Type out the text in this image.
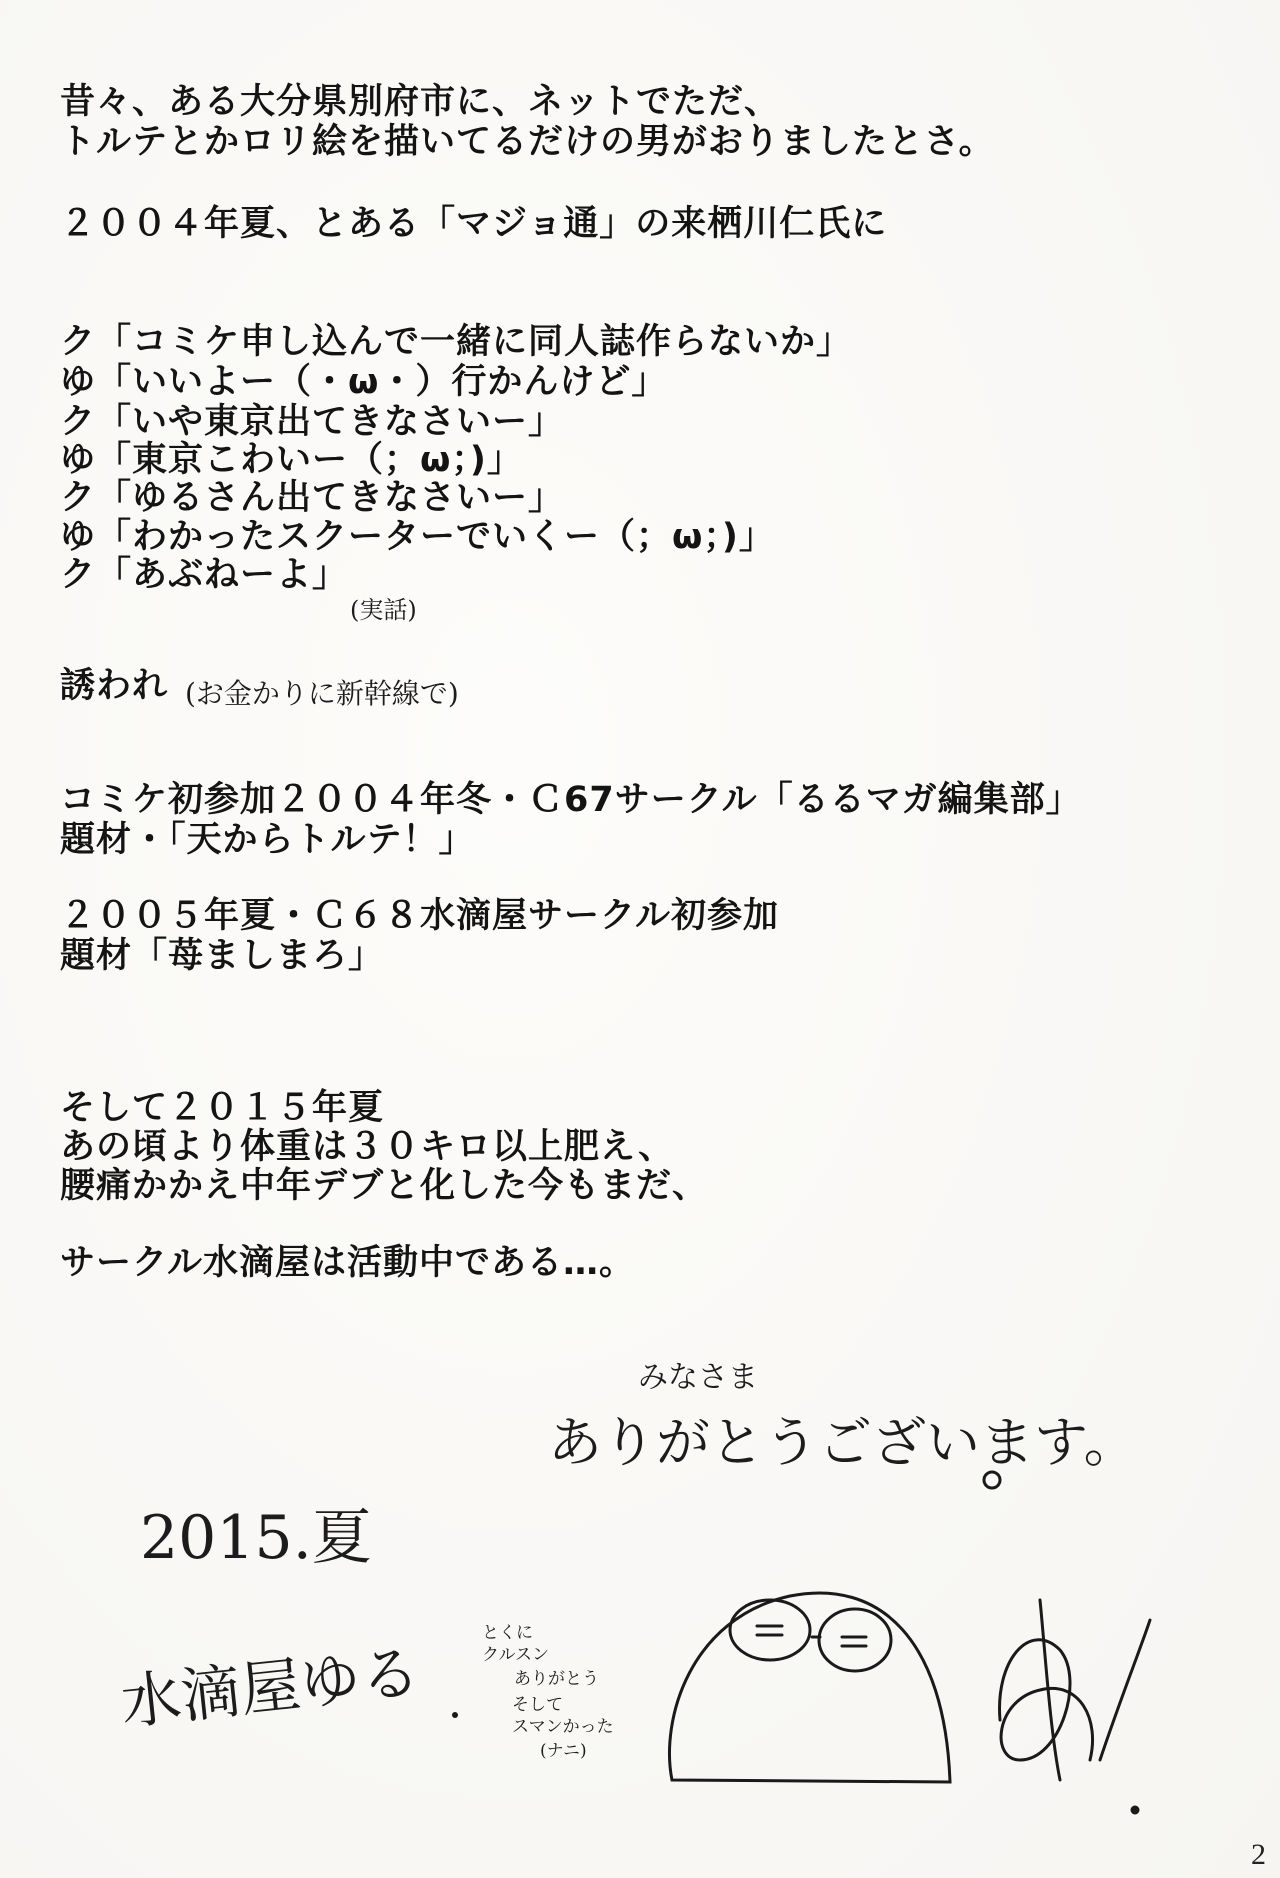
昔々、ある大分県別府市に、ネットでただ、
トルテとかロリ絵を描いてるだけの男がおりましたとさ。
２００４年夏、とある「マジョ通」の来栖川仁氏に
ク「コミケ申し込んで一緒に同人誌作らないか」
ゆ「いいよー（・ω・）行かんけど」
ク「いや東京出てきなさいー」
ゆ「東京こわいー（；ω；)」
ク「ゆるさん出てきなさいー」
ゆ「わかったスクーターでいくー（；ω；)」
ク「あぶねーよ」
(実話)
誘われ (お金かりに新幹線で)
コミケ初参加２００４年冬・Ｃ67サークル「るるマガ編集部」
題材・「天からトルテ！」
２００５年夏・Ｃ６８水滴屋サークル初参加
題材「苺ましまろ」
そして２０１５年夏
あの頃より体重は３０キロ以上肥え、
腰痛かかえ中年デブと化した今もまだ、
サークル水滴屋は活動中である…。
みなさま
ありがとうございます。
2015.夏
水滴屋ゆる
とくに
クルスン
ありがとう
そして
スマンかった
(ナニ)
2
